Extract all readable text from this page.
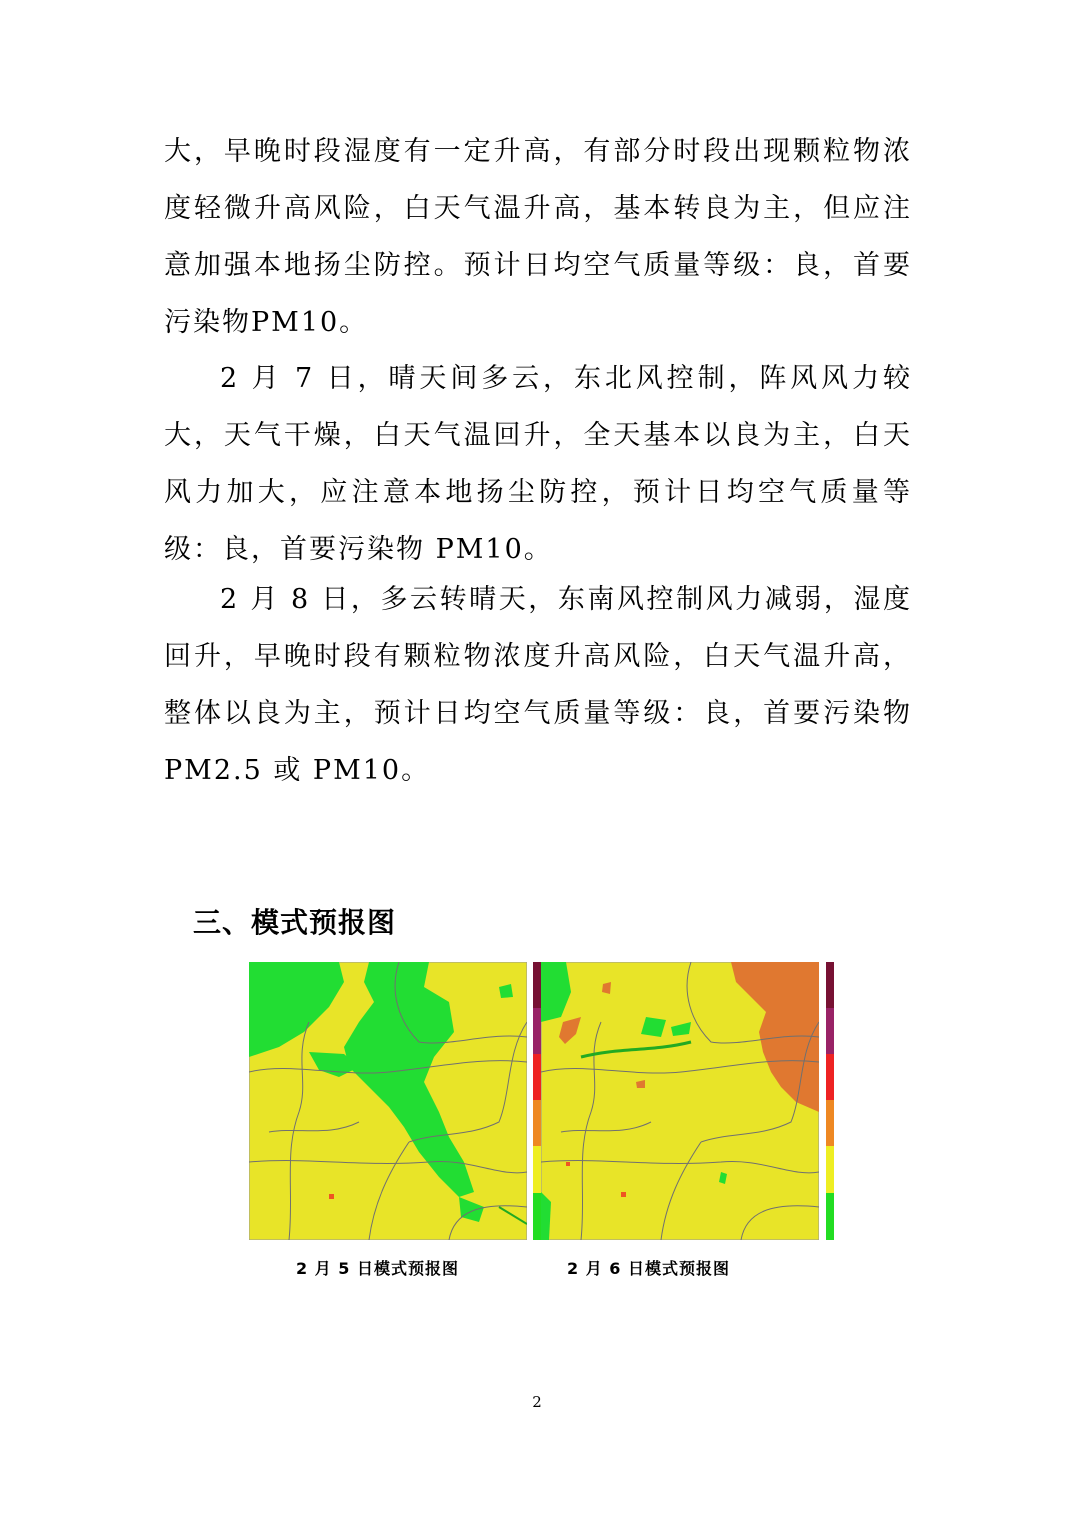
大，早晚时段湿度有一定升高，有部分时段出现颗粒物浓度轻微升高风险，白天气温升高，基本转良为主，但应注意加强本地扬尘防控。预计日均空气质量等级：良，首要污染物PM10。

2 月 7 日，晴天间多云，东北风控制，阵风风力较大，天气干燥，白天气温回升，全天基本以良为主，白天风力加大，应注意本地扬尘防控，预计日均空气质量等级：良，首要污染物 PM10。

2 月 8 日，多云转晴天，东南风控制风力减弱，湿度回升，早晚时段有颗粒物浓度升高风险，白天气温升高，整体以良为主，预计日均空气质量等级：良，首要污染物 PM2.5 或 PM10。

三、模式预报图

2 月 5 日模式预报图	2 月 6 日模式预报图

2
